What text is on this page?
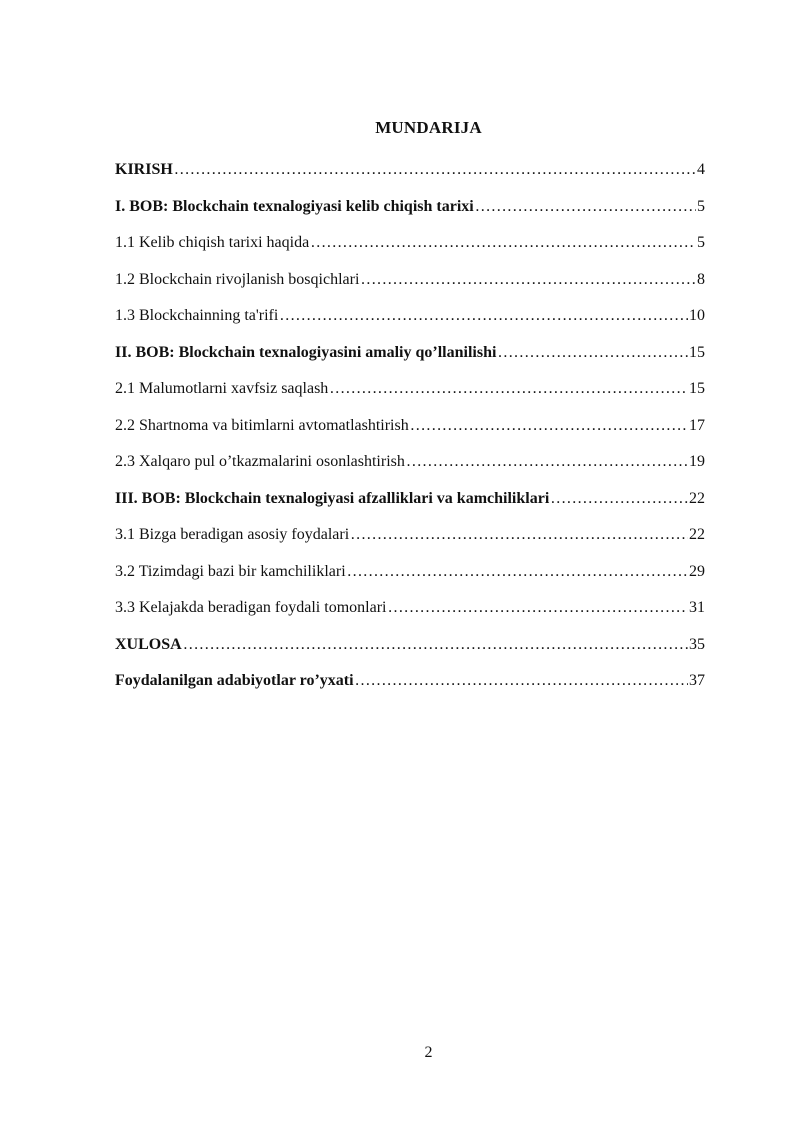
MUNDARIJA
KIRISH …………………………………………………………………………………………………………………………………………………………………………………………	4
I. BOB: Blockchain texnalogiyasi kelib chiqish tarixi …………………………………………………………………………………………………………………………………………………………………………………………	5
1.1 Kelib chiqish tarixi haqida …………………………………………………………………………………………………………………………………………………………………………………………	5
1.2 Blockchain rivojlanish bosqichlari …………………………………………………………………………………………………………………………………………………………………………………………	8
1.3 Blockchainning ta'rifi …………………………………………………………………………………………………………………………………………………………………………………………	10
II. BOB: Blockchain texnalogiyasini amaliy qo’llanilishi …………………………………………………………………………………………………………………………………………………………………………………………	15
2.1 Malumotlarni xavfsiz saqlash …………………………………………………………………………………………………………………………………………………………………………………………	15
2.2 Shartnoma va bitimlarni avtomatlashtirish …………………………………………………………………………………………………………………………………………………………………………………………	17
2.3 Xalqaro pul o’tkazmalarini osonlashtirish …………………………………………………………………………………………………………………………………………………………………………………………	19
III. BOB: Blockchain texnalogiyasi afzalliklari va kamchiliklari …………………………………………………………………………………………………………………………………………………………………………………………	22
3.1 Bizga beradigan asosiy foydalari …………………………………………………………………………………………………………………………………………………………………………………………	22
3.2 Tizimdagi bazi bir kamchiliklari …………………………………………………………………………………………………………………………………………………………………………………………	29
3.3 Kelajakda beradigan foydali tomonlari …………………………………………………………………………………………………………………………………………………………………………………………	31
XULOSA …………………………………………………………………………………………………………………………………………………………………………………………	35
Foydalanilgan adabiyotlar ro’yxati …………………………………………………………………………………………………………………………………………………………………………………………	37
2
